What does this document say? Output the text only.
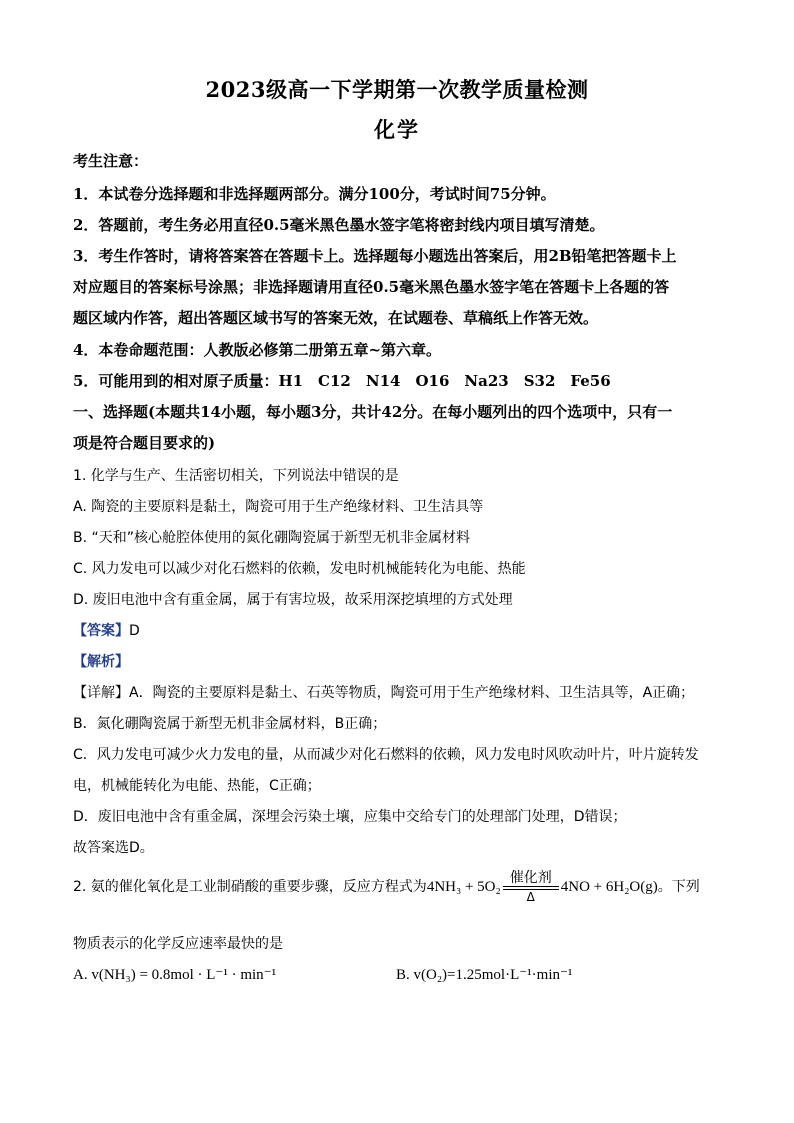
2023级高一下学期第一次教学质量检测
化学
考生注意：
1．本试卷分选择题和非选择题两部分。满分100分，考试时间75分钟。
2．答题前，考生务必用直径0.5毫米黑色墨水签字笔将密封线内项目填写清楚。
3．考生作答时，请将答案答在答题卡上。选择题每小题选出答案后，用2B铅笔把答题卡上
对应题目的答案标号涂黑；非选择题请用直径0.5毫米黑色墨水签字笔在答题卡上各题的答
题区域内作答，超出答题区域书写的答案无效，在试题卷、草稿纸上作答无效。
4．本卷命题范围：人教版必修第二册第五章~第六章。
5．可能用到的相对原子质量：H1　C12　N14　O16　Na23　S32　Fe56
一、选择题(本题共14小题，每小题3分，共计42分。在每小题列出的四个选项中，只有一
项是符合题目要求的)
1. 化学与生产、生活密切相关，下列说法中错误的是
A. 陶瓷的主要原料是黏土，陶瓷可用于生产绝缘材料、卫生洁具等
B. “天和”核心舱腔体使用的氮化硼陶瓷属于新型无机非金属材料
C. 风力发电可以减少对化石燃料的依赖，发电时机械能转化为电能、热能
D. 废旧电池中含有重金属，属于有害垃圾，故采用深挖填埋的方式处理
【答案】D
【解析】
【详解】A．陶瓷的主要原料是黏土、石英等物质，陶瓷可用于生产绝缘材料、卫生洁具等，A正确；
B．氮化硼陶瓷属于新型无机非金属材料，B正确；
C．风力发电可减少火力发电的量，从而减少对化石燃料的依赖，风力发电时风吹动叶片，叶片旋转发
电，机械能转化为电能、热能，C正确；
D．废旧电池中含有重金属，深埋会污染土壤，应集中交给专门的处理部门处理，D错误；
故答案选D。
2. 氨的催化氧化是工业制硝酸的重要步骤，反应方程式为4NH₃ + 5O₂
催化剂
Δ
4NO + 6H₂O(g)。下列
物质表示的化学反应速率最快的是
A. v(NH₃) = 0.8mol · L⁻¹ · min⁻¹	B. v(O₂)=1.25mol·L⁻¹·min⁻¹
